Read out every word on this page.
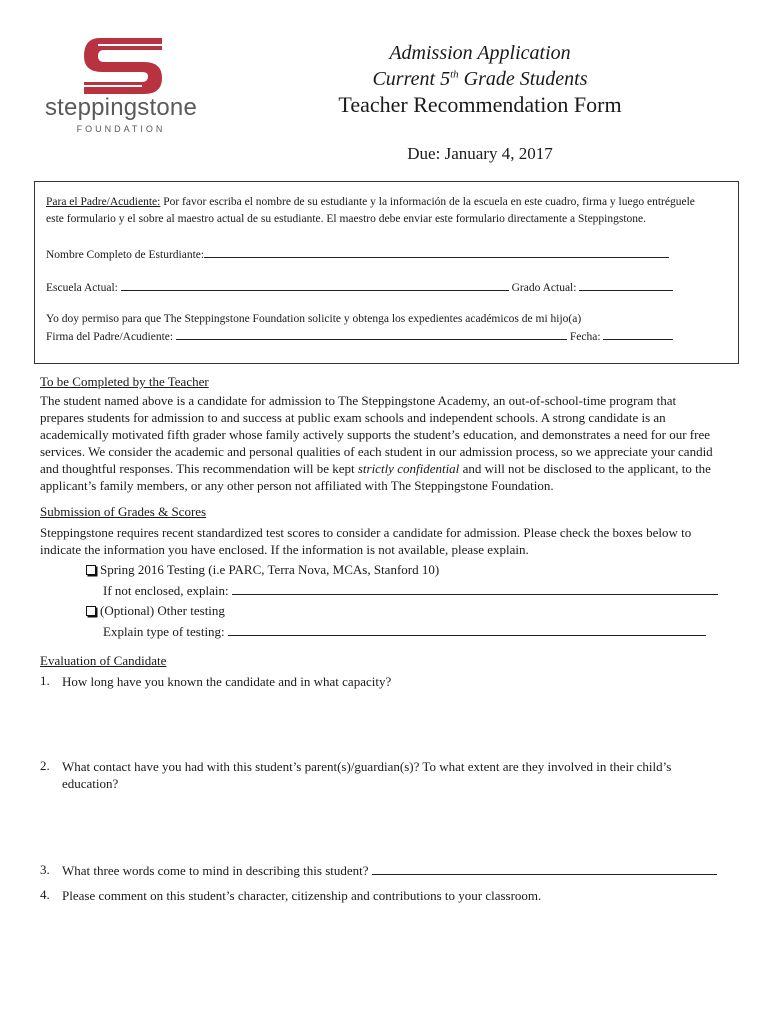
steppingstone
FOUNDATION
Admission Application
Current 5th Grade Students
Teacher Recommendation Form
Due: January 4, 2017
Para el Padre/Acudiente: Por favor escriba el nombre de su estudiante y la información de la escuela en este cuadro, firma y luego entréguele
este formulario y el sobre al maestro actual de su estudiante. El maestro debe enviar este formulario directamente a Steppingstone.
Nombre Completo de Esturdiante:
Escuela Actual:	Grado Actual:
Yo doy permiso para que The Steppingstone Foundation solicite y obtenga los expedientes académicos de mi hijo(a)
Firma del Padre/Acudiente:	Fecha:
To be Completed by the Teacher
The student named above is a candidate for admission to The Steppingstone Academy, an out-of-school-time program that
prepares students for admission to and success at public exam schools and independent schools. A strong candidate is an
academically motivated fifth grader whose family actively supports the student’s education, and demonstrates a need for our free
services. We consider the academic and personal qualities of each student in our admission process, so we appreciate your candid
and thoughtful responses. This recommendation will be kept strictly confidential and will not be disclosed to the applicant, to the
applicant’s family members, or any other person not affiliated with The Steppingstone Foundation.
Submission of Grades & Scores
Steppingstone requires recent standardized test scores to consider a candidate for admission. Please check the boxes below to
indicate the information you have enclosed. If the information is not available, please explain.
Spring 2016 Testing (i.e PARC, Terra Nova, MCAs, Stanford 10)
If not enclosed, explain:
(Optional) Other testing
Explain type of testing:
Evaluation of Candidate
1. How long have you known the candidate and in what capacity?
2. What contact have you had with this student’s parent(s)/guardian(s)? To what extent are they involved in their child’s
education?
3. What three words come to mind in describing this student?
4. Please comment on this student’s character, citizenship and contributions to your classroom.
